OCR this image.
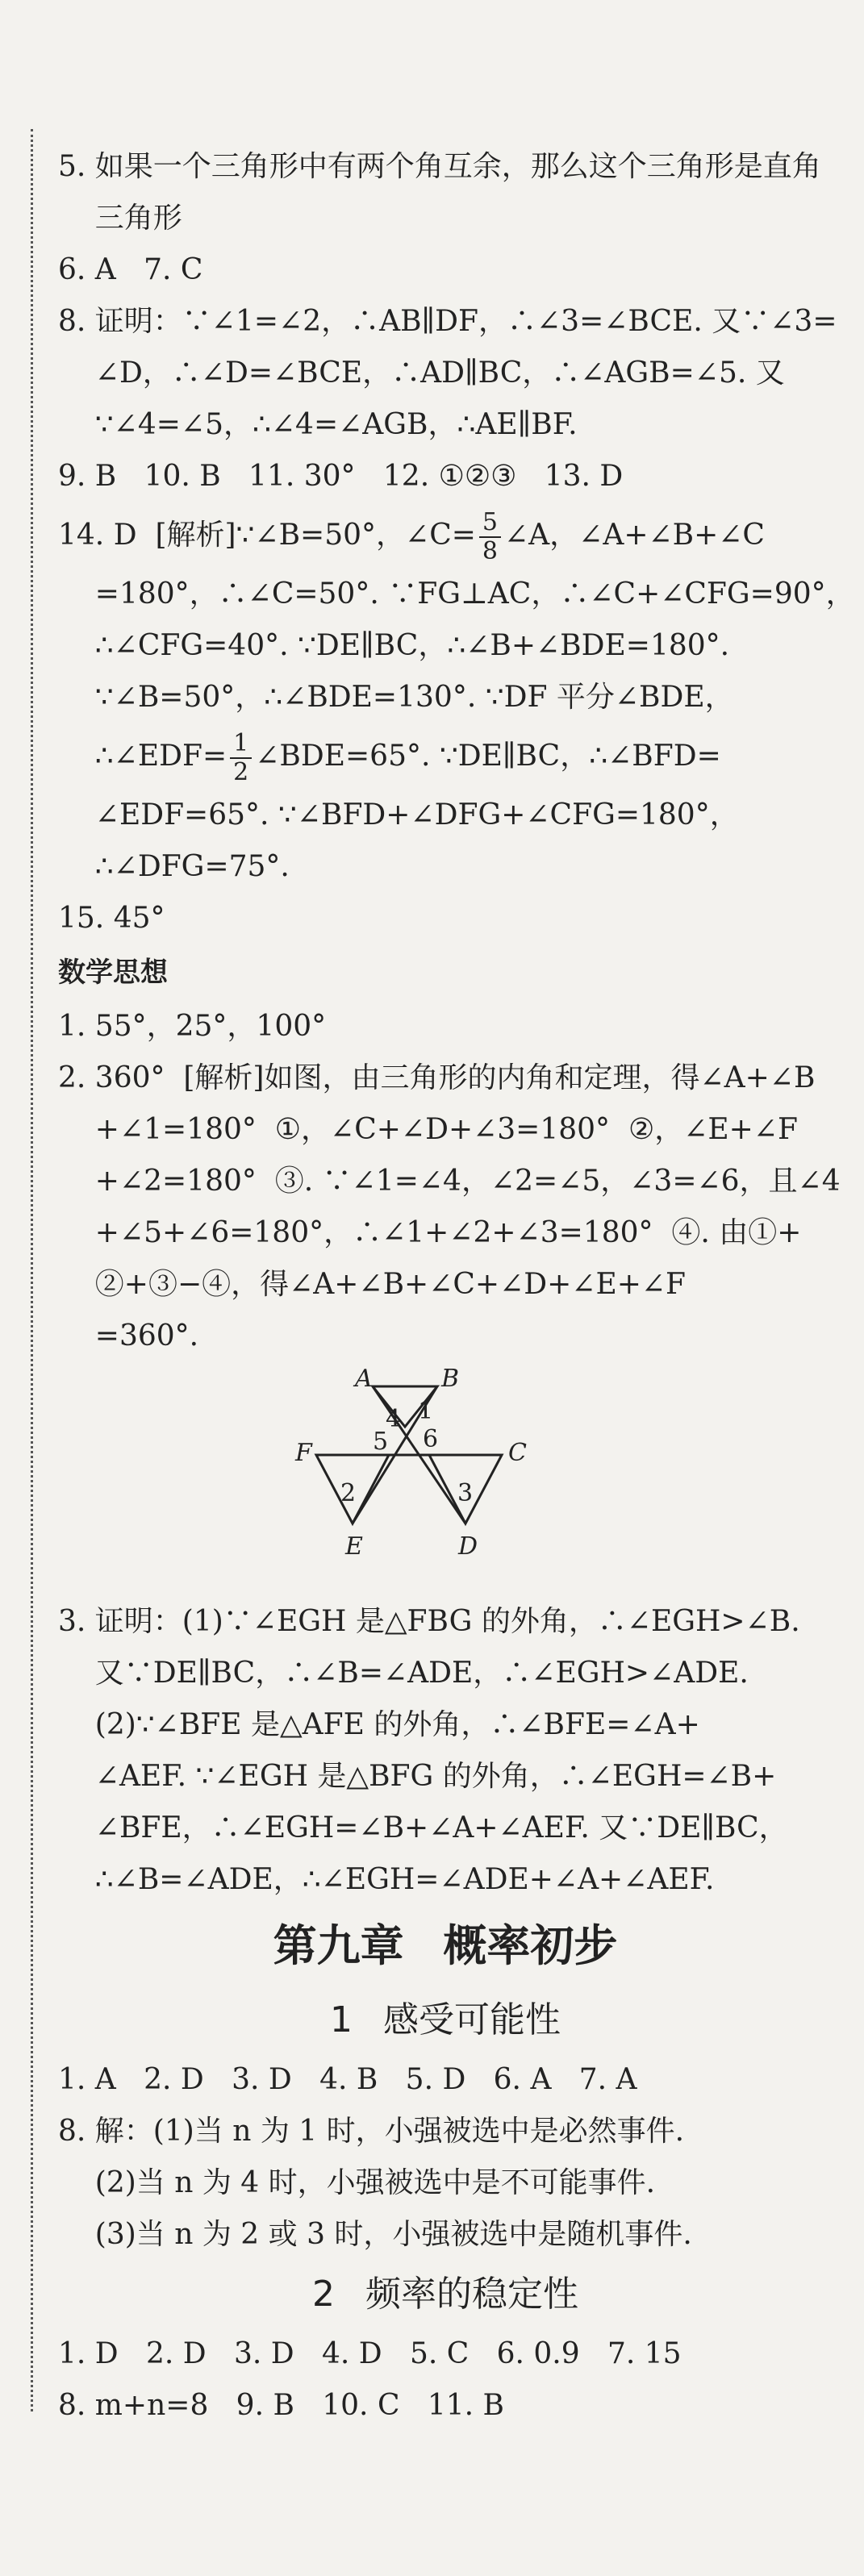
5. 如果一个三角形中有两个角互余，那么这个三角形是直角
三角形
6. A   7. C
8. 证明：∵∠1=∠2，∴AB∥DF，∴∠3=∠BCE. 又∵∠3=
∠D，∴∠D=∠BCE，∴AD∥BC，∴∠AGB=∠5. 又
∵∠4=∠5，∴∠4=∠AGB，∴AE∥BF.
9. B   10. B   11. 30°   12. ①②③   13. D
14. D  [解析]∵∠B=50°，∠C= $\frac{5}{8}$ ∠A，∠A+∠B+∠C
=180°，∴∠C=50°. ∵FG⊥AC，∴∠C+∠CFG=90°，
∴∠CFG=40°. ∵DE∥BC，∴∠B+∠BDE=180°.
∵∠B=50°，∴∠BDE=130°. ∵DF 平分∠BDE，
∴∠EDF= $\frac{1}{2}$ ∠BDE=65°. ∵DE∥BC，∴∠BFD=
∠EDF=65°. ∵∠BFD+∠DFG+∠CFG=180°，
∴∠DFG=75°.
15. 45°
数学思想
1. 55°，25°，100°
2. 360°  [解析]如图，由三角形的内角和定理，得∠A+∠B
+∠1=180°  ①，∠C+∠D+∠3=180°  ②，∠E+∠F
+∠2=180°  ③. ∵∠1=∠4，∠2=∠5，∠3=∠6，且∠4
+∠5+∠6=180°，∴∠1+∠2+∠3=180°  ④. 由①+
②+③−④，得∠A+∠B+∠C+∠D+∠E+∠F
=360°.
A	B
C
D
E
F
1
2	3
4
5 6
3. 证明：(1)∵∠EGH 是△FBG 的外角，∴∠EGH>∠B.
又∵DE∥BC，∴∠B=∠ADE，∴∠EGH>∠ADE.
(2)∵∠BFE 是△AFE 的外角，∴∠BFE=∠A+
∠AEF. ∵∠EGH 是△BFG 的外角，∴∠EGH=∠B+
∠BFE，∴∠EGH=∠B+∠A+∠AEF. 又∵DE∥BC，
∴∠B=∠ADE，∴∠EGH=∠ADE+∠A+∠AEF.
第九章 概率初步
1 感受可能性
1. A   2. D   3. D   4. B   5. D   6. A   7. A
8. 解：(1)当 n 为 1 时，小强被选中是必然事件.
(2)当 n 为 4 时，小强被选中是不可能事件.
(3)当 n 为 2 或 3 时，小强被选中是随机事件.
2 频率的稳定性
1. D   2. D   3. D   4. D   5. C   6. 0.9   7. 15
8. m+n=8   9. B   10. C   11. B
